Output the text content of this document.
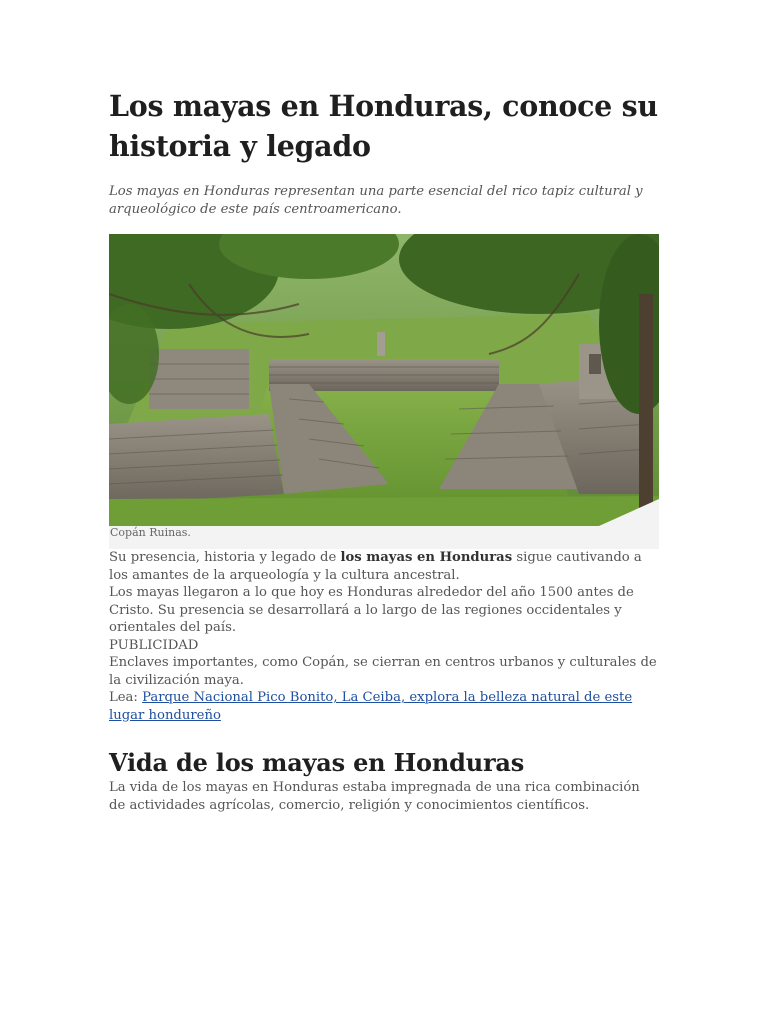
Los mayas en Honduras, conoce su historia y legado

Los mayas en Honduras representan una parte esencial del rico tapiz cultural y arqueológico de este país centroamericano.

Copán Ruinas.

Su presencia, historia y legado de los mayas en Honduras sigue cautivando a los amantes de la arqueología y la cultura ancestral.

Los mayas llegaron a lo que hoy es Honduras alrededor del año 1500 antes de Cristo. Su presencia se desarrollará a lo largo de las regiones occidentales y orientales del país.

PUBLICIDAD

Enclaves importantes, como Copán, se cierran en centros urbanos y culturales de la civilización maya.

Lea: Parque Nacional Pico Bonito, La Ceiba, explora la belleza natural de este lugar hondureño

Vida de los mayas en Honduras

La vida de los mayas en Honduras estaba impregnada de una rica combinación de actividades agrícolas, comercio, religión y conocimientos científicos.
